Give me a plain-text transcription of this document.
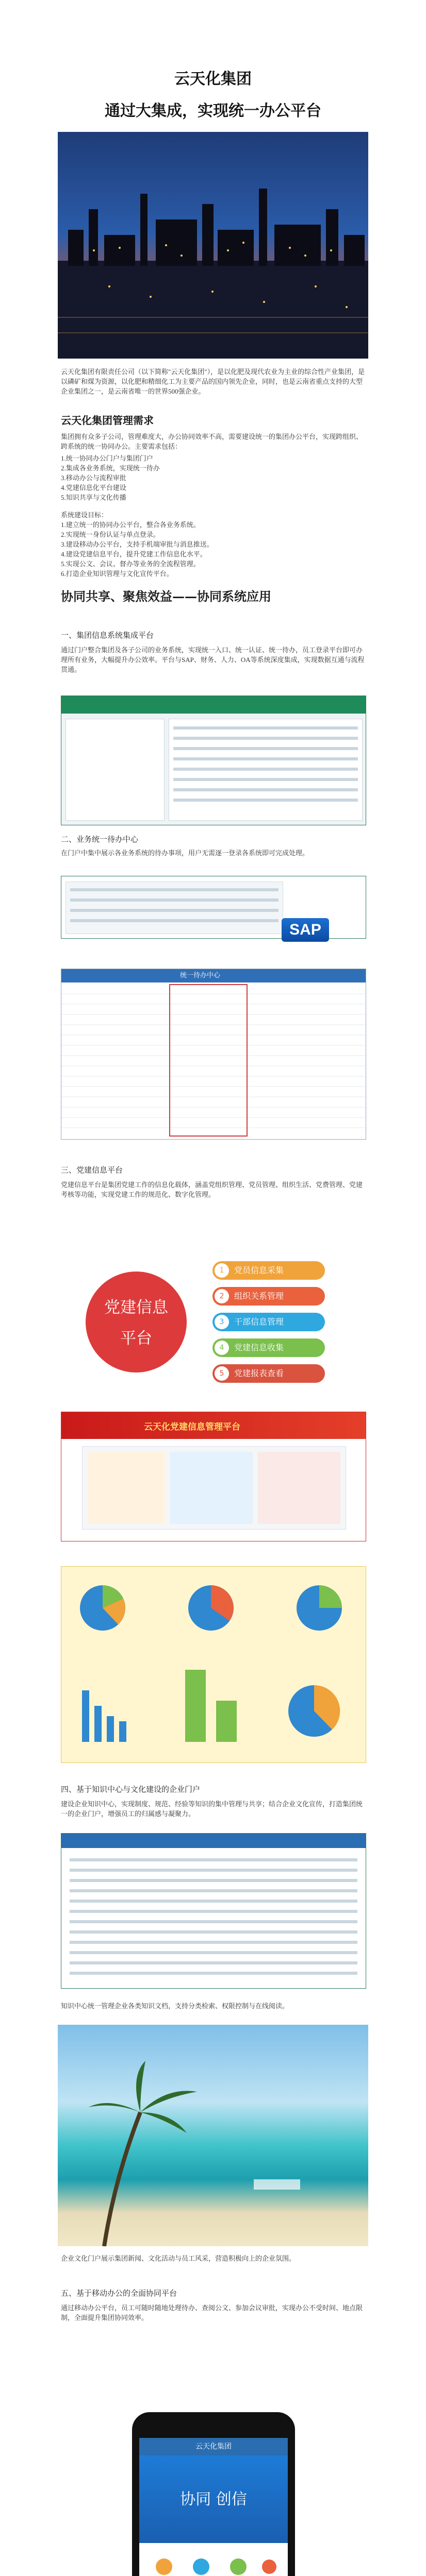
云天化集团
通过大集成，实现统一办公平台

云天化集团有限责任公司（以下简称"云天化集团"），是以化肥及现代农业为主业的综合性产业集团，是以磷矿和煤为资源，以化肥和精细化工为主要产品的国内领先企业，同时，也是云南省重点支持的大型企业集团之一，是云南省唯一的世界500强企业。

云天化集团管理需求

集团拥有众多子公司，管理难度大，办公协同效率不高，需要建设统一的集团办公平台，实现跨组织、跨系统的统一协同办公。主要需求包括：

1.统一协同办公门户与集团门户
2.集成各业务系统，实现统一待办
3.移动办公与流程审批
4.党建信息化平台建设
5.知识共享与文化传播

系统建设目标：
1.建立统一的协同办公平台，整合各业务系统。
2.实现统一身份认证与单点登录。
3.建设移动办公平台，支持手机端审批与消息推送。
4.建设党建信息平台，提升党建工作信息化水平。
5.实现公文、会议、督办等业务的全流程管理。
6.打造企业知识管理与文化宣传平台。

协同共享、聚焦效益——协同系统应用
一、集团信息系统集成平台

通过门户整合集团及各子公司的业务系统，实现统一入口、统一认证、统一待办，员工登录平台即可办理所有业务，大幅提升办公效率。平台与SAP、财务、人力、OA等系统深度集成，实现数据互通与流程贯通。

二、业务统一待办中心

在门户中集中展示各业务系统的待办事项，用户无需逐一登录各系统即可完成处理。

SAP
统一待办中心
三、党建信息平台

党建信息平台是集团党建工作的信息化载体，涵盖党组织管理、党员管理、组织生活、党费管理、党建考核等功能，实现党建工作的规范化、数字化管理。

党建信息
平台
1 党员信息采集
2 组织关系管理
3 干部信息管理
4 党建信息收集
5 党建报表查看
云天化党建信息管理平台
四、基于知识中心与文化建设的企业门户

建设企业知识中心，实现制度、规范、经验等知识的集中管理与共享；结合企业文化宣传，打造集团统一的企业门户，增强员工的归属感与凝聚力。

知识中心统一管理企业各类知识文档，支持分类检索、权限控制与在线阅读。

企业文化门户展示集团新闻、文化活动与员工风采，营造积极向上的企业氛围。

五、基于移动办公的全面协同平台

通过移动办公平台，员工可随时随地处理待办、查阅公文、参加会议审批，实现办公不受时间、地点限制，全面提升集团协同效率。

云天化集团
协同 创信
